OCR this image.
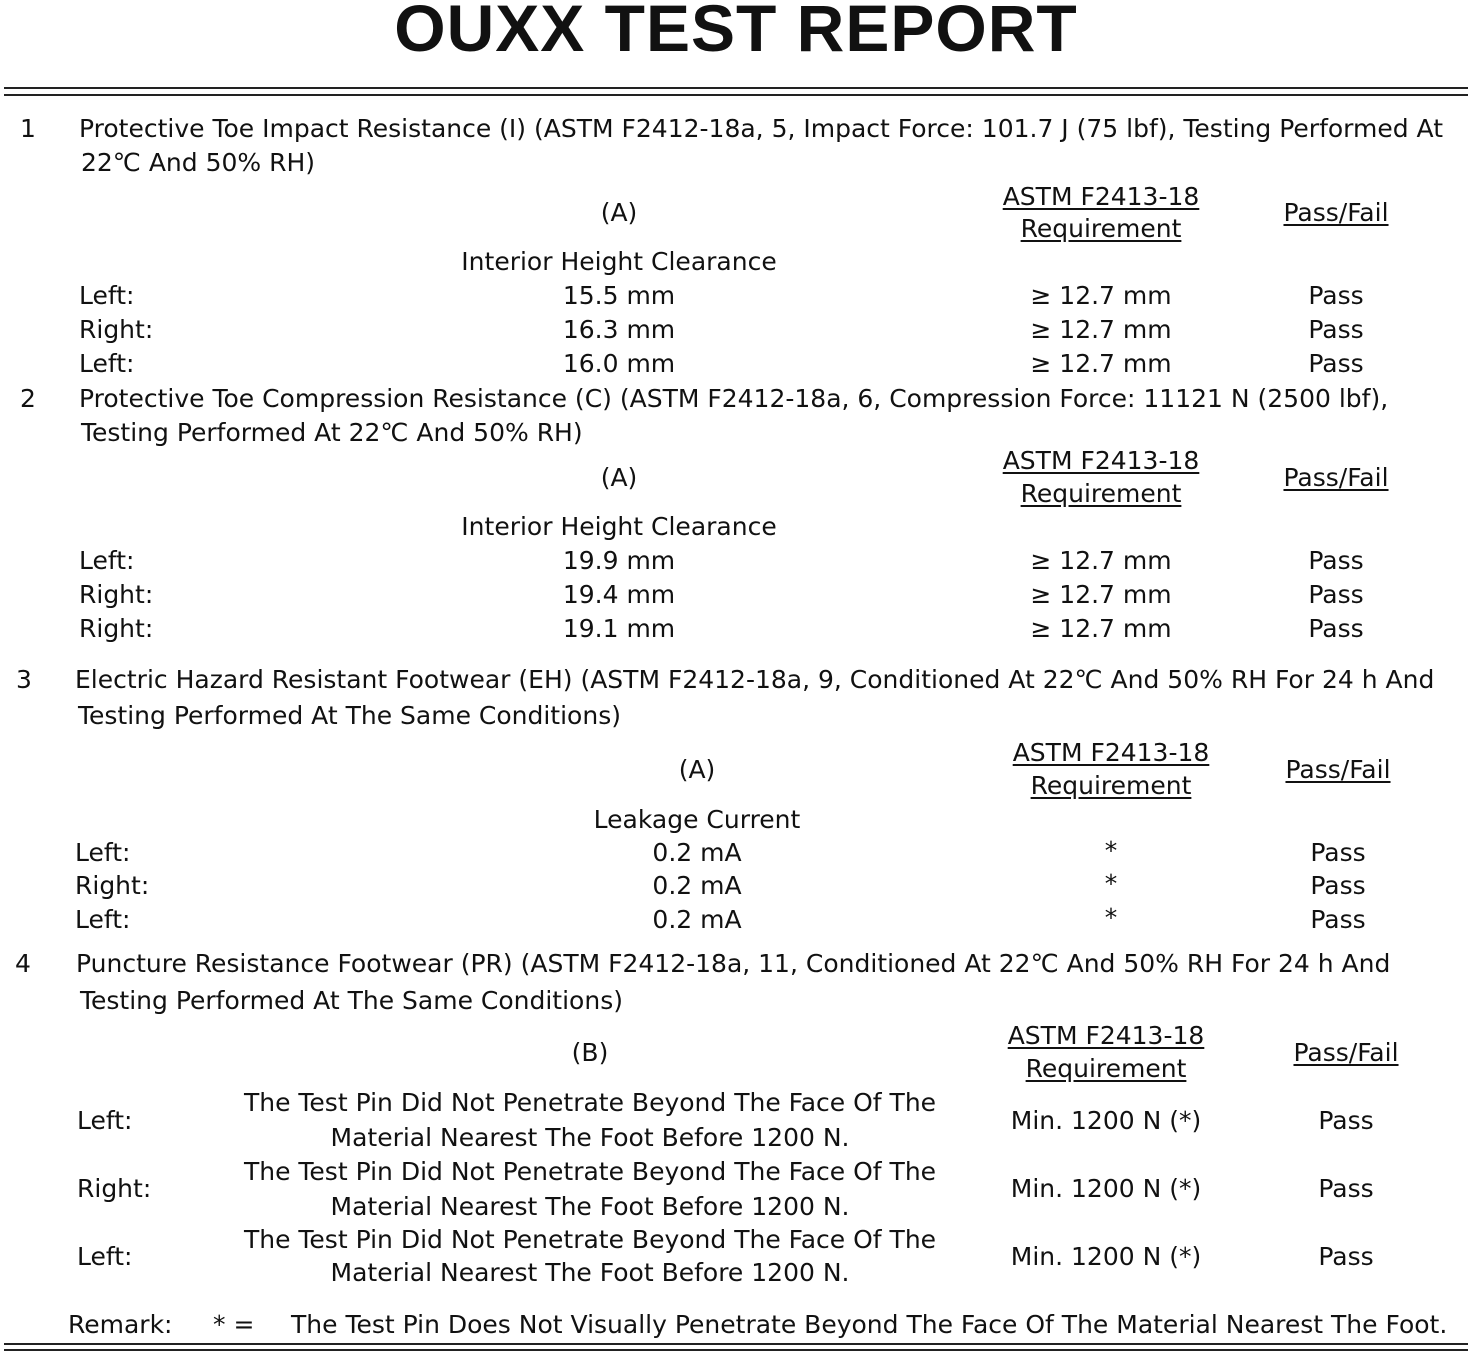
OUXX TEST REPORT
1 Protective Toe Impact Resistance (I) (ASTM F2412-18a, 5, Impact Force: 101.7 J (75 lbf), Testing Performed At
22℃ And 50% RH)
(A)
ASTM F2413-18
Requirement
Pass/Fail
Interior Height Clearance
Left:	15.5 mm	≥ 12.7 mm	Pass
Right:	16.3 mm	≥ 12.7 mm	Pass
Left:	16.0 mm	≥ 12.7 mm	Pass
2 Protective Toe Compression Resistance (C) (ASTM F2412-18a, 6, Compression Force: 11121 N (2500 lbf),
Testing Performed At 22℃ And 50% RH)
(A)
ASTM F2413-18
Requirement
Pass/Fail
Interior Height Clearance
Left:	19.9 mm	≥ 12.7 mm	Pass
Right:	19.4 mm	≥ 12.7 mm	Pass
Right:	19.1 mm	≥ 12.7 mm	Pass
3 Electric Hazard Resistant Footwear (EH) (ASTM F2412-18a, 9, Conditioned At 22℃ And 50% RH For 24 h And
Testing Performed At The Same Conditions)
(A)
ASTM F2413-18
Requirement
Pass/Fail
Leakage Current
Left:	0.2 mA	*	Pass
Right:	0.2 mA	*	Pass
Left:	0.2 mA	*	Pass
4 Puncture Resistance Footwear (PR) (ASTM F2412-18a, 11, Conditioned At 22℃ And 50% RH For 24 h And
Testing Performed At The Same Conditions)
(B)
ASTM F2413-18
Requirement
Pass/Fail
Left:
The Test Pin Did Not Penetrate Beyond The Face Of The
Material Nearest The Foot Before 1200 N.
Min. 1200 N (*)	Pass
Right:
The Test Pin Did Not Penetrate Beyond The Face Of The
Material Nearest The Foot Before 1200 N.
Min. 1200 N (*)	Pass
Left:
The Test Pin Did Not Penetrate Beyond The Face Of The
Material Nearest The Foot Before 1200 N.
Min. 1200 N (*)	Pass
Remark: * = The Test Pin Does Not Visually Penetrate Beyond The Face Of The Material Nearest The Foot.
